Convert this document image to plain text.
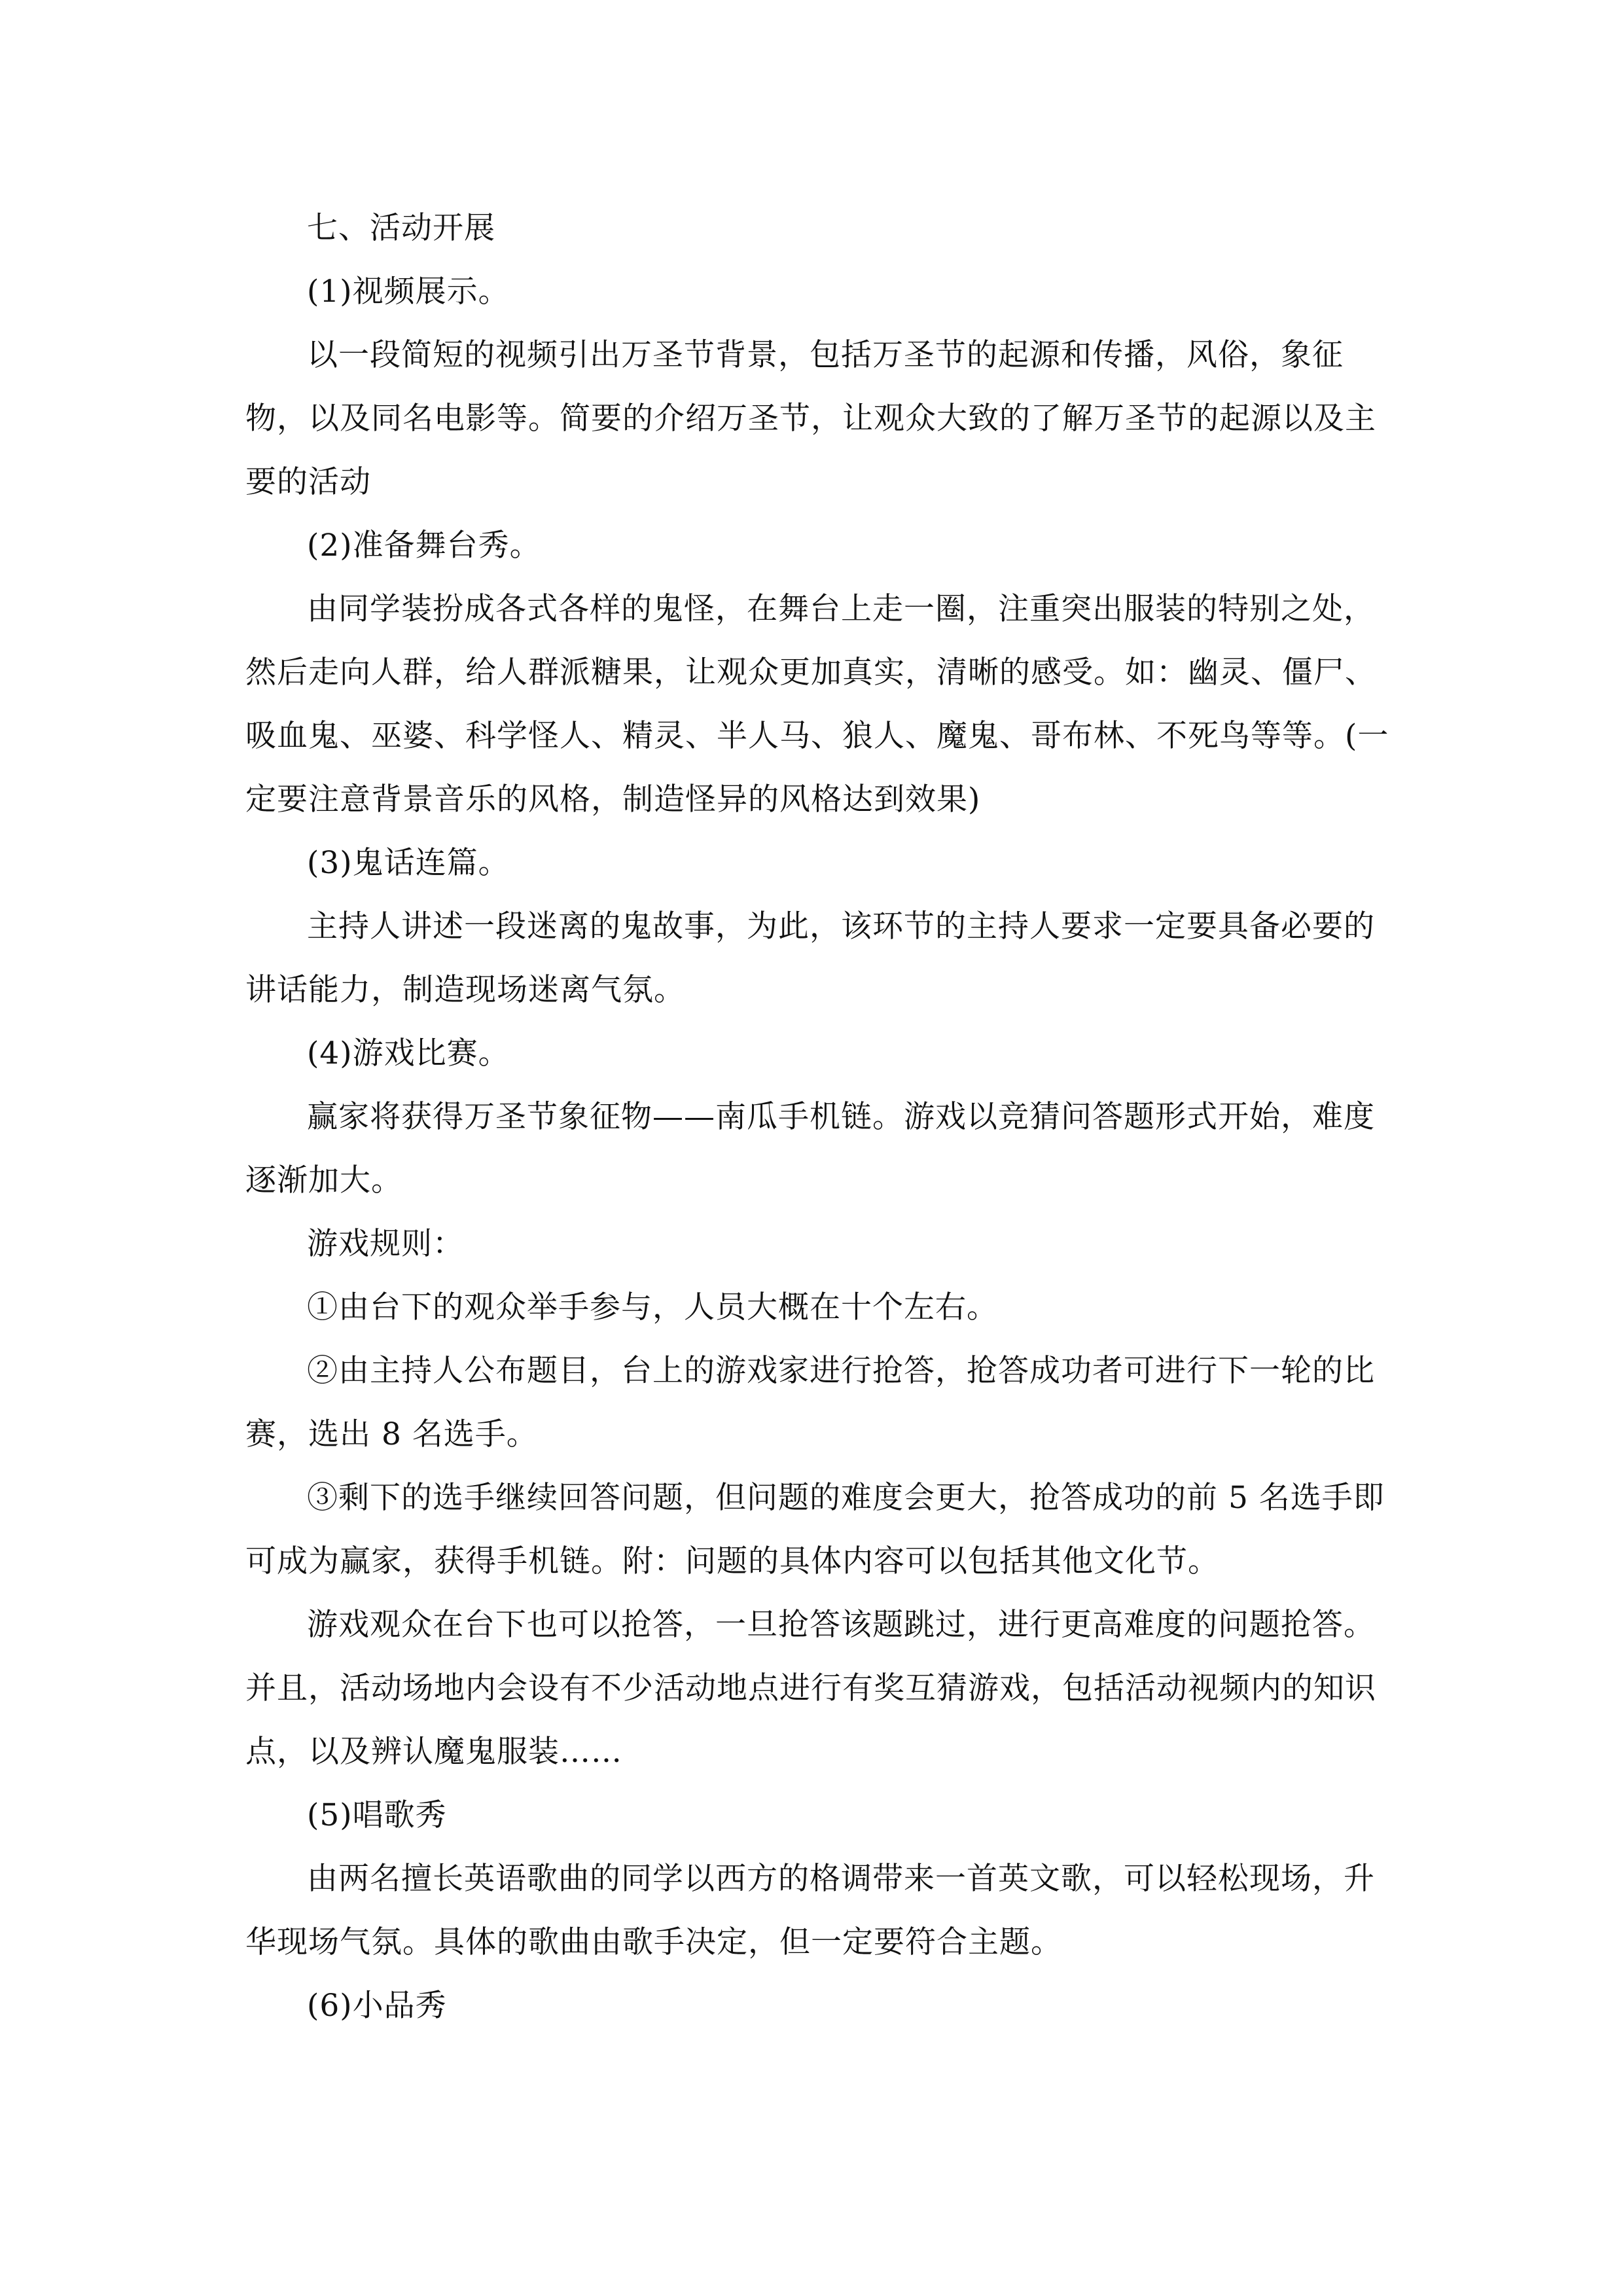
七、活动开展

(1)视频展示。

以一段简短的视频引出万圣节背景，包括万圣节的起源和传播，风俗，象征物，以及同名电影等。简要的介绍万圣节，让观众大致的了解万圣节的起源以及主要的活动

(2)准备舞台秀。

由同学装扮成各式各样的鬼怪，在舞台上走一圈，注重突出服装的特别之处，然后走向人群，给人群派糖果，让观众更加真实，清晰的感受。如：幽灵、僵尸、吸血鬼、巫婆、科学怪人、精灵、半人马、狼人、魔鬼、哥布林、不死鸟等等。(一定要注意背景音乐的风格，制造怪异的风格达到效果)

(3)鬼话连篇。

主持人讲述一段迷离的鬼故事，为此，该环节的主持人要求一定要具备必要的讲话能力，制造现场迷离气氛。

(4)游戏比赛。

赢家将获得万圣节象征物——南瓜手机链。游戏以竞猜问答题形式开始，难度逐渐加大。

游戏规则：

①由台下的观众举手参与，人员大概在十个左右。

②由主持人公布题目，台上的游戏家进行抢答，抢答成功者可进行下一轮的比赛，选出 8 名选手。

③剩下的选手继续回答问题，但问题的难度会更大，抢答成功的前 5 名选手即可成为赢家，获得手机链。附：问题的具体内容可以包括其他文化节。

游戏观众在台下也可以抢答，一旦抢答该题跳过，进行更高难度的问题抢答。并且，活动场地内会设有不少活动地点进行有奖互猜游戏，包括活动视频内的知识点，以及辨认魔鬼服装……

(5)唱歌秀

由两名擅长英语歌曲的同学以西方的格调带来一首英文歌，可以轻松现场，升华现场气氛。具体的歌曲由歌手决定，但一定要符合主题。

(6)小品秀
